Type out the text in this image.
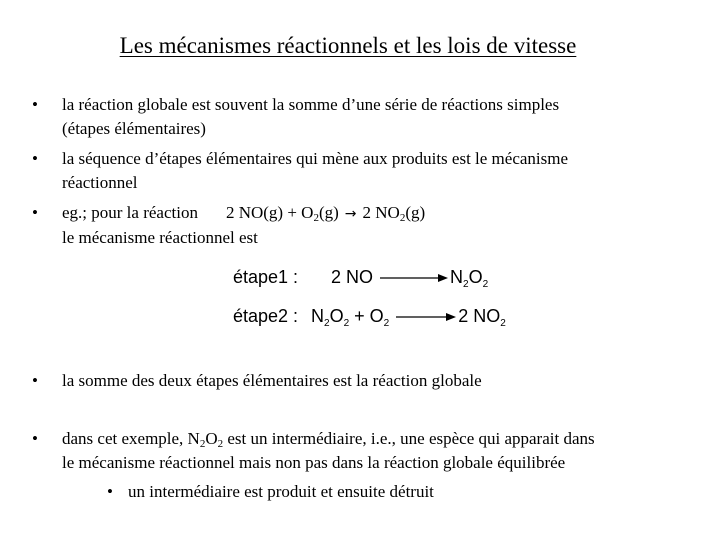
Les mécanismes réactionnels et les lois de vitesse
• la réaction globale est souvent la somme d’une série de réactions simples
(étapes élémentaires)
• la séquence d’étapes élémentaires qui mène aux produits est le mécanisme
réactionnel
• eg.; pour la réaction 2 $NO(g) + O_2(g) \to 2$ $NO_2(g)$
le mécanisme réactionnel est
étape1 : 2 NO	$N_2O_2$
étape2 : $N_2O_2 + O_2$	2 $NO_2$
• la somme des deux étapes élémentaires est la réaction globale
• dans cet exemple, $N_2O_2$ est un intermédiaire, i.e., une espèce qui apparait dans
le mécanisme réactionnel mais non pas dans la réaction globale équilibrée
• un intermédiaire est produit et ensuite détruit
